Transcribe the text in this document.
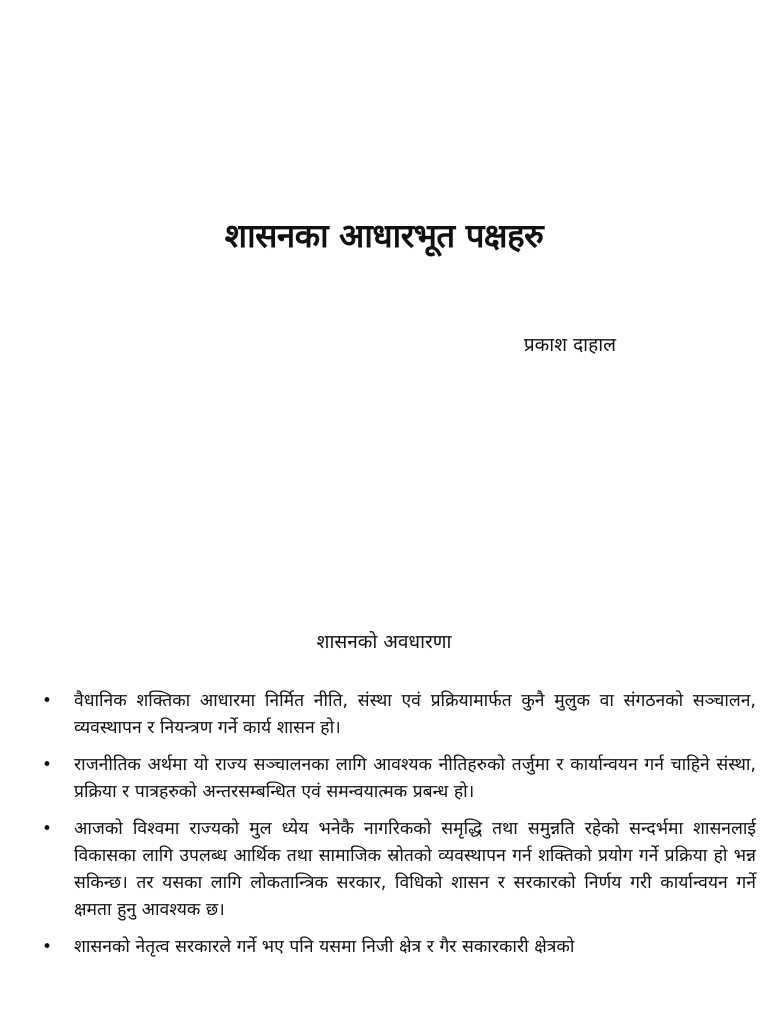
शासनका आधारभूत पक्षहरु

प्रकाश दाहाल

शासनको अवधारणा

• वैधानिक शक्तिका आधारमा निर्मित नीति, संस्था एवं प्रक्रियामार्फत कुनै मुलुक वा संगठनको सञ्चालन, व्यवस्थापन र नियन्त्रण गर्ने कार्य शासन हो।
• राजनीतिक अर्थमा यो राज्य सञ्चालनका लागि आवश्यक नीतिहरुको तर्जुमा र कार्यान्वयन गर्न चाहिने संस्था, प्रक्रिया र पात्रहरुको अन्तरसम्बन्धित एवं समन्वयात्मक प्रबन्ध हो।
• आजको विश्वमा राज्यको मुल ध्येय भनेकै नागरिकको समृद्धि तथा समुन्नति रहेको सन्दर्भमा शासनलाई विकासका लागि उपलब्ध आर्थिक तथा सामाजिक स्रोतको व्यवस्थापन गर्न शक्तिको प्रयोग गर्ने प्रक्रिया हो भन्न सकिन्छ। तर यसका लागि लोकतान्त्रिक सरकार, विधिको शासन र सरकारको निर्णय गरी कार्यान्वयन गर्ने क्षमता हुनु आवश्यक छ।
• शासनको नेतृत्व सरकारले गर्ने भए पनि यसमा निजी क्षेत्र र गैर सकारकारी क्षेत्रको
